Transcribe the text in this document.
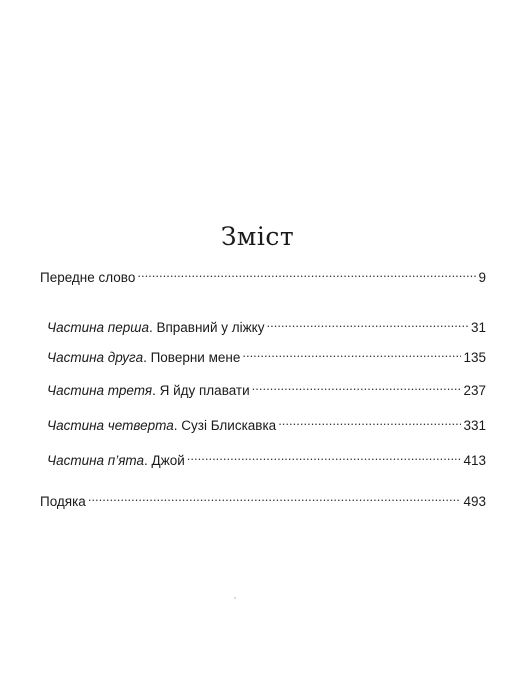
Зміст
Передне слово .....	9
Частина перша . Вправний у ліжку .....	31
Частина друга . Поверни мене .....	135
Частина третя . Я йду плавати .....	237
Частина четверта . Сузі Блискавка .....	331
Частина п’ята . Джой .....	413
Подяка .....	493
